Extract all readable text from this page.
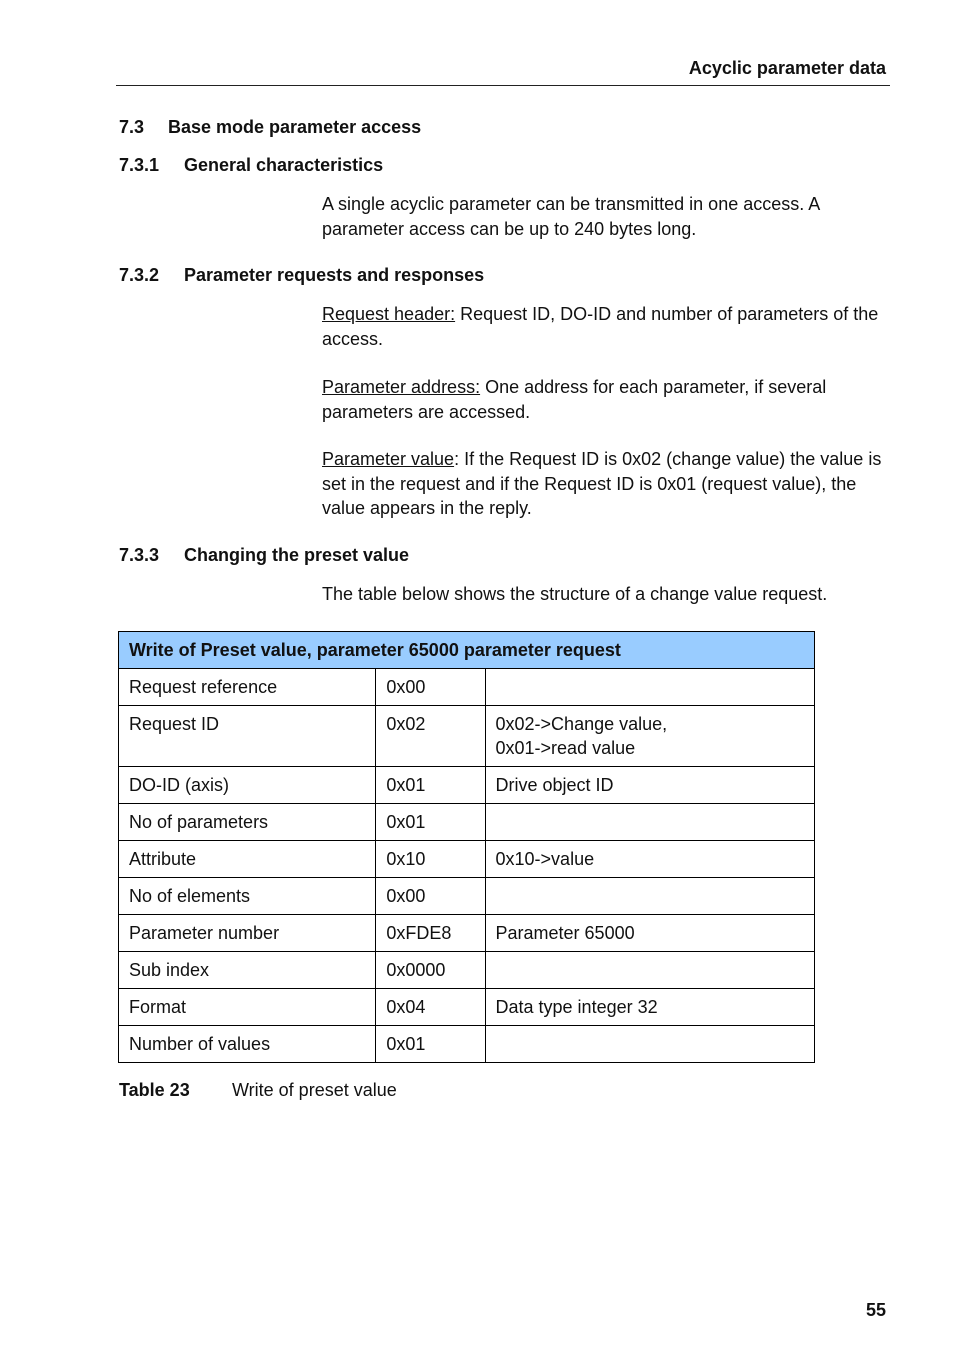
Acyclic parameter data
7.3 Base mode parameter access
7.3.1 General characteristics

A single acyclic parameter can be transmitted in one access. A parameter access can be up to 240 bytes long.

7.3.2 Parameter requests and responses

Request header: Request ID, DO-ID and number of parameters of the access.

Parameter address: One address for each parameter, if several parameters are accessed.

Parameter value: If the Request ID is 0x02 (change value) the value is set in the request and if the Request ID is 0x01 (request value), the value appears in the reply.

7.3.3 Changing the preset value

The table below shows the structure of a change value request.

Write of Preset value, parameter 65000 parameter request		
Request reference	0x00	
Request ID	0x02	0x02->Change value,
0x01->read value
DO-ID (axis)	0x01	Drive object ID
No of parameters	0x01	
Attribute	0x10	0x10->value
No of elements	0x00	
Parameter number	0xFDE8	Parameter 65000
Sub index	0x0000	
Format	0x04	Data type integer 32
Number of values	0x01	
Table 23 Write of preset value
55
